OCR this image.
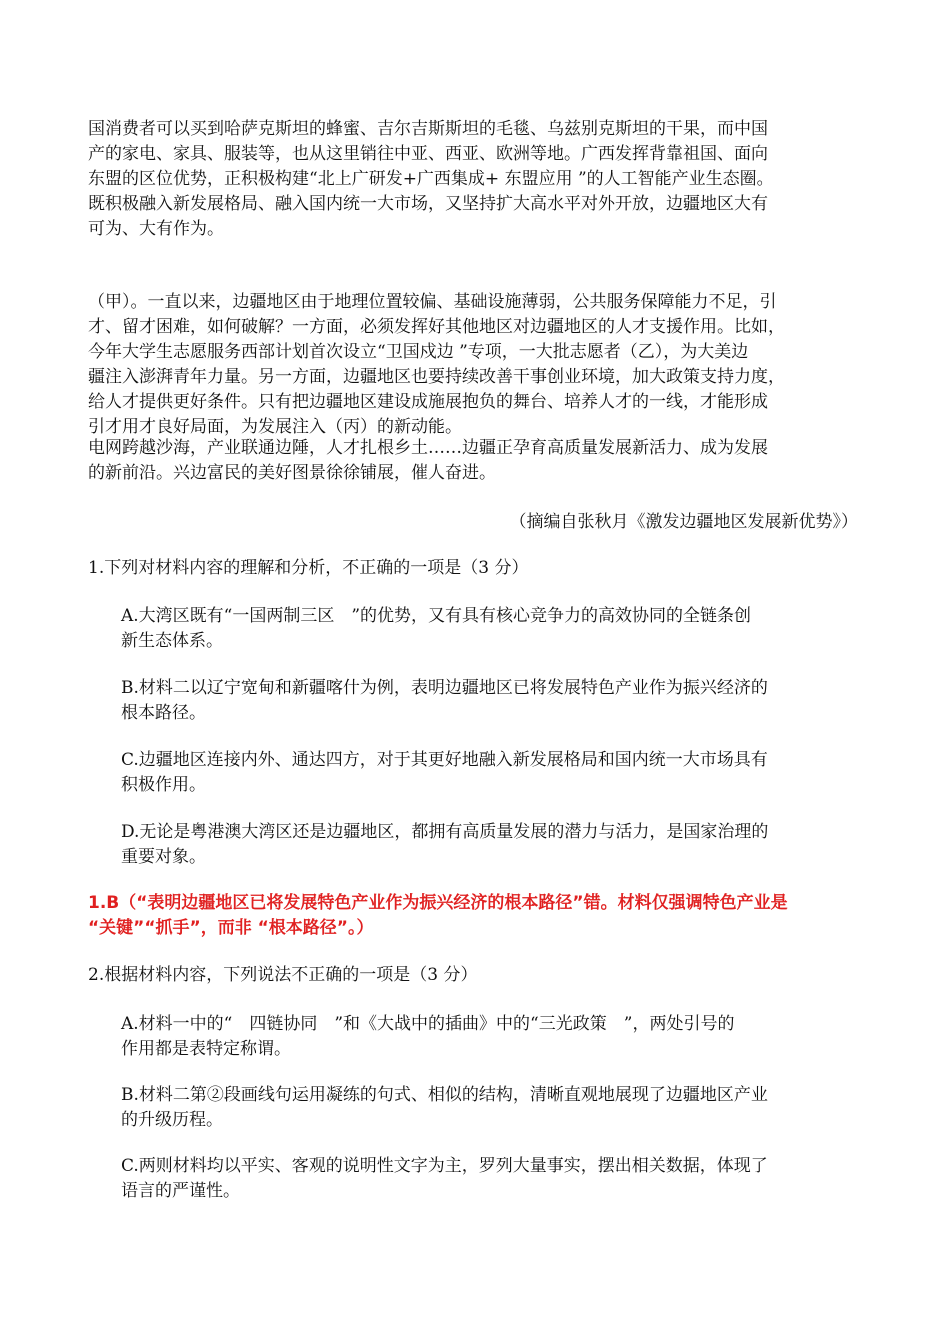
国消费者可以买到哈萨克斯坦的蜂蜜、吉尔吉斯斯坦的毛毯、乌兹别克斯坦的干果，而中国
产的家电、家具、服装等，也从这里销往中亚、西亚、欧洲等地。广西发挥背靠祖国、面向
东盟的区位优势，正积极构建“北上广研发+广西集成+ 东盟应用 ”的人工智能产业生态圈。
既积极融入新发展格局、融入国内统一大市场，又坚持扩大高水平对外开放，边疆地区大有
可为、大有作为。
（甲）。一直以来，边疆地区由于地理位置较偏、基础设施薄弱，公共服务保障能力不足，引
才、留才困难，如何破解？一方面，必须发挥好其他地区对边疆地区的人才支援作用。比如，
今年大学生志愿服务西部计划首次设立“卫国戍边 ”专项，一大批志愿者（乙），为大美边
疆注入澎湃青年力量。另一方面，边疆地区也要持续改善干事创业环境，加大政策支持力度，
给人才提供更好条件。只有把边疆地区建设成施展抱负的舞台、培养人才的一线，才能形成
引才用才良好局面，为发展注入（丙）的新动能。
电网跨越沙海，产业联通边陲，人才扎根乡土……边疆正孕育高质量发展新活力、成为发展
的新前沿。兴边富民的美好图景徐徐铺展，催人奋进。
（摘编自张秋月《激发边疆地区发展新优势》）
1.下列对材料内容的理解和分析，不正确的一项是（3 分）
A.大湾区既有“一国两制三区　”的优势，又有具有核心竞争力的高效协同的全链条创
新生态体系。
B.材料二以辽宁宽甸和新疆喀什为例，表明边疆地区已将发展特色产业作为振兴经济的
根本路径。
C.边疆地区连接内外、通达四方，对于其更好地融入新发展格局和国内统一大市场具有
积极作用。
D.无论是粤港澳大湾区还是边疆地区，都拥有高质量发展的潜力与活力，是国家治理的
重要对象。
1.B（“表明边疆地区已将发展特色产业作为振兴经济的根本路径”错。材料仅强调特色产业是
“关键”“抓手”，而非 “根本路径”。）
2.根据材料内容，下列说法不正确的一项是（3 分）
A.材料一中的“　四链协同　”和《大战中的插曲》中的“三光政策　”，两处引号的
作用都是表特定称谓。
B.材料二第②段画线句运用凝练的句式、相似的结构，清晰直观地展现了边疆地区产业
的升级历程。
C.两则材料均以平实、客观的说明性文字为主，罗列大量事实，摆出相关数据，体现了
语言的严谨性。
